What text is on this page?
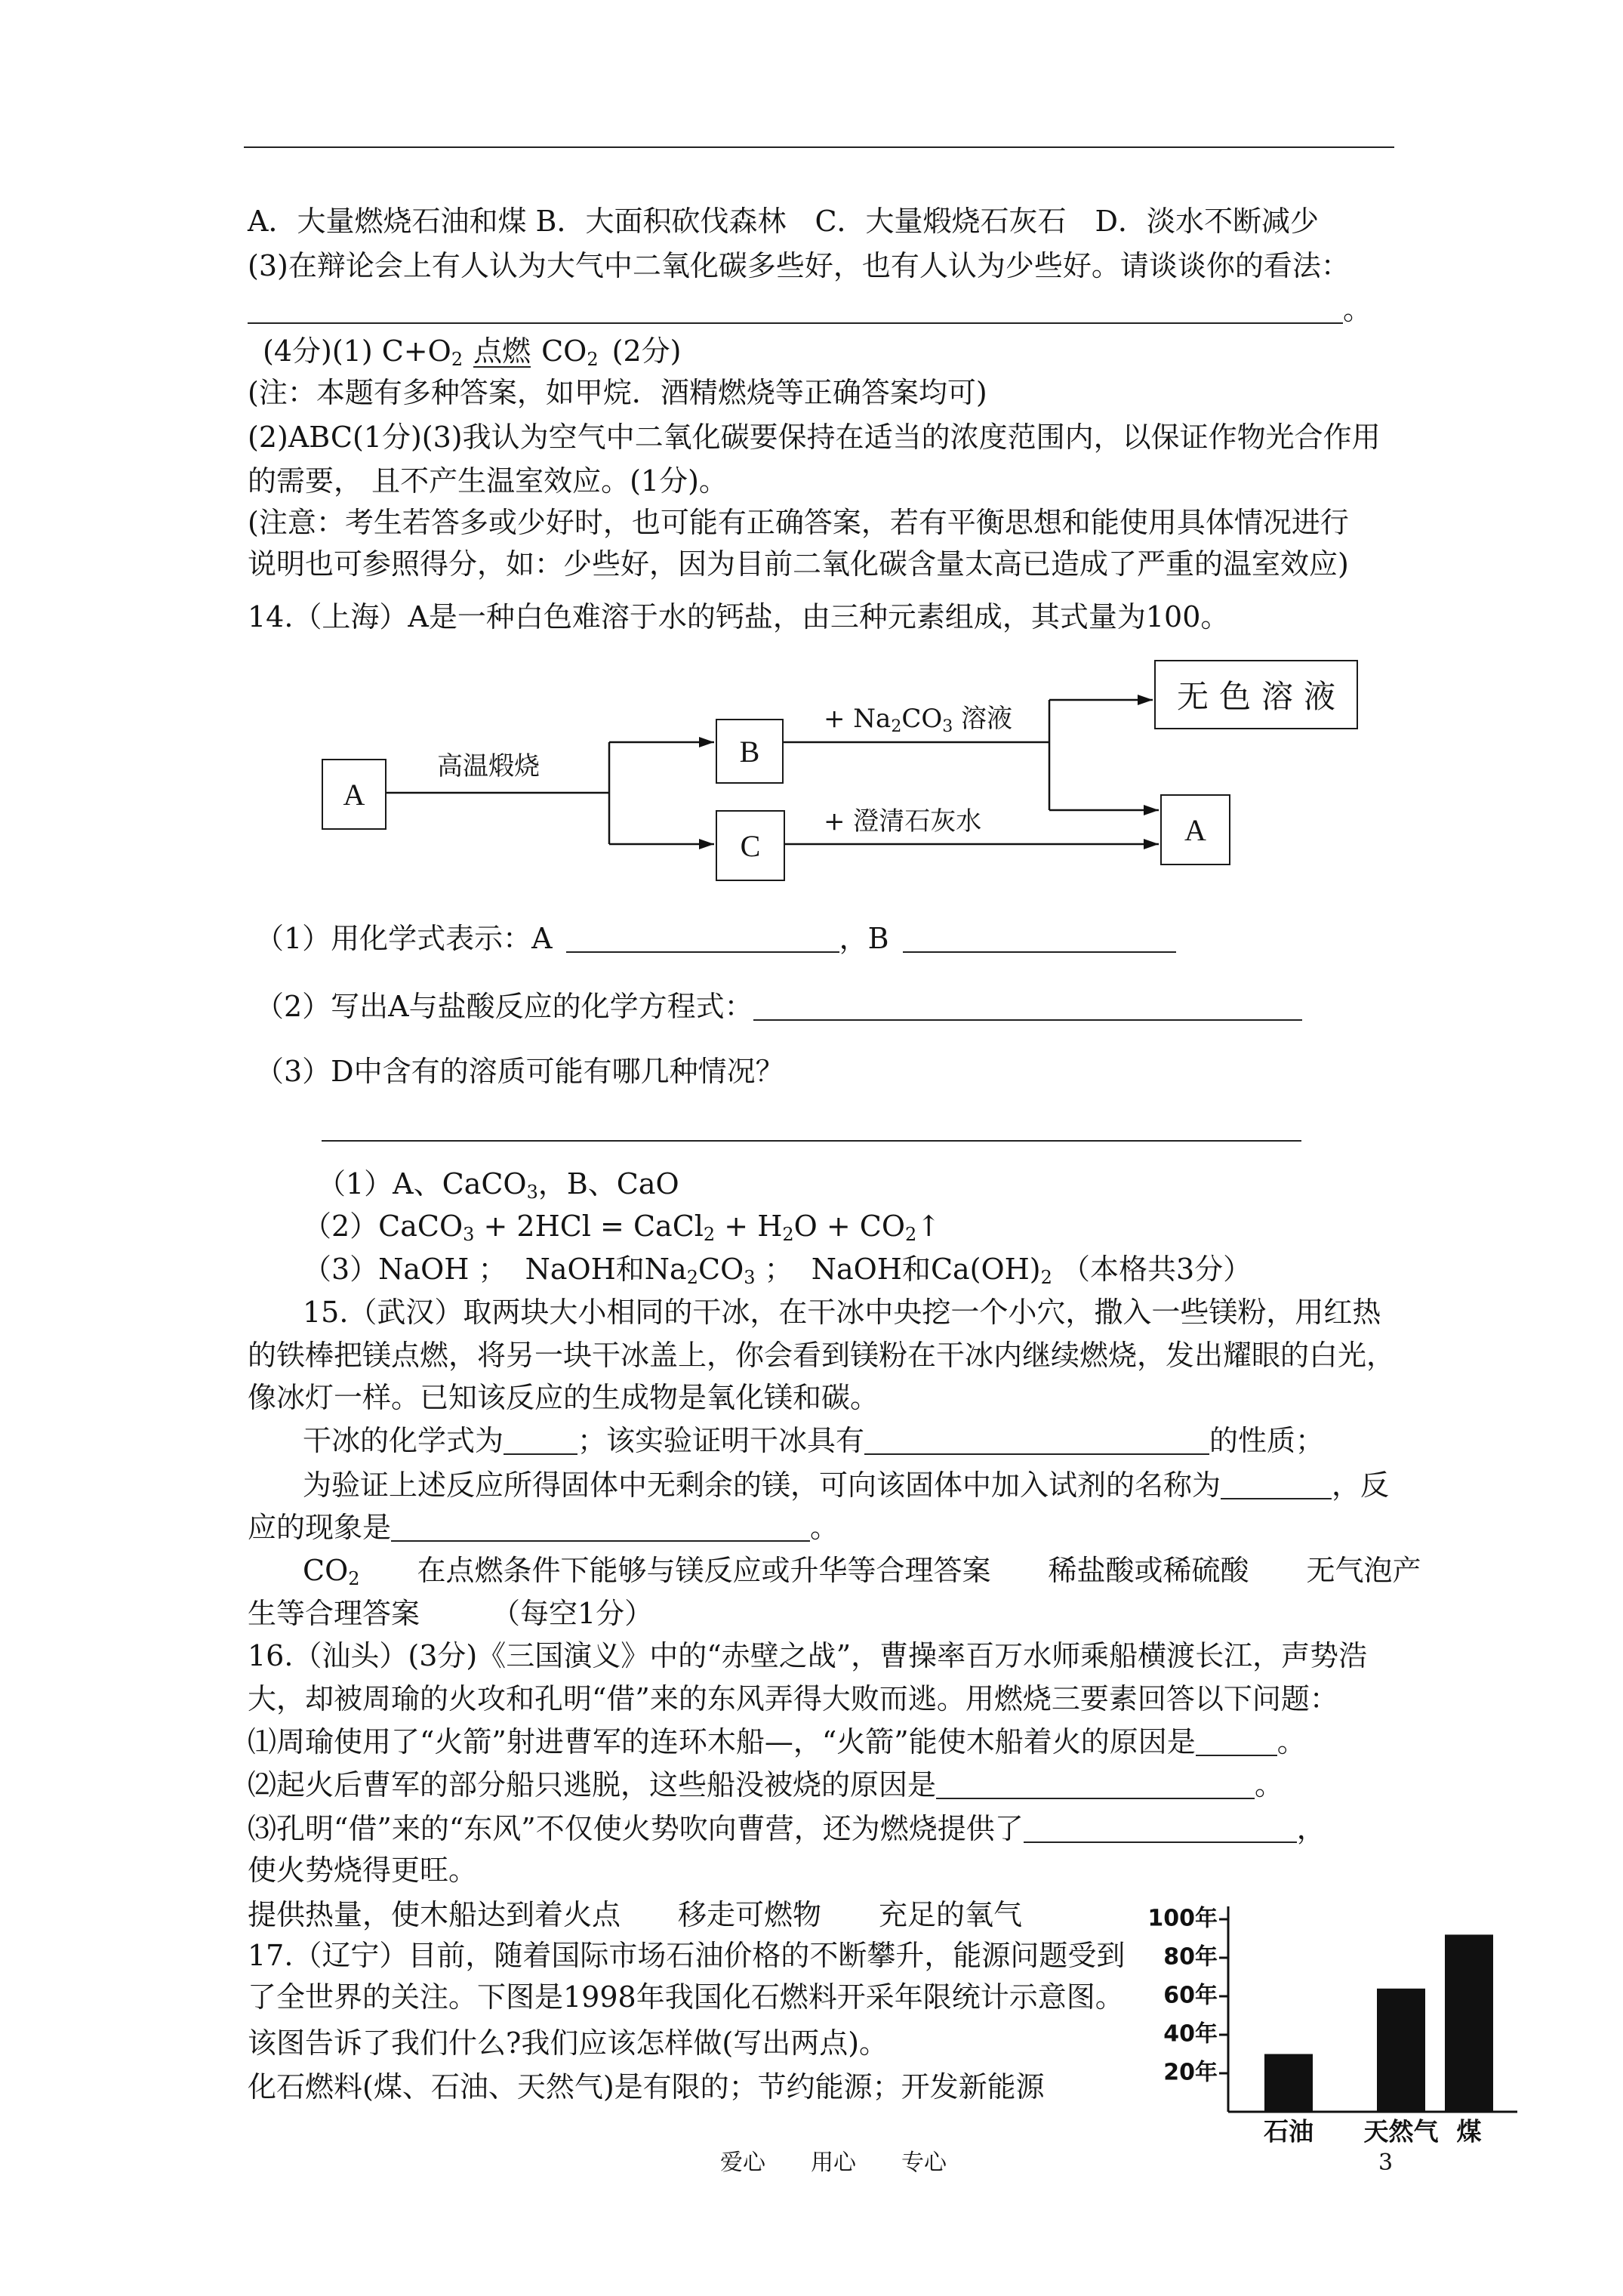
A．大量燃烧石油和煤 B．大面积砍伐森林　C．大量煅烧石灰石　D．淡水不断减少
(3)在辩论会上有人认为大气中二氧化碳多些好，也有人认为少些好。请谈谈你的看法：
。
(4分)(1) $C+O_2$ 点燃 $CO_2$ (2分)
(注：本题有多种答案，如甲烷．酒精燃烧等正确答案均可)
(2)ABC(1分)(3)我认为空气中二氧化碳要保持在适当的浓度范围内，以保证作物光合作用
的需要， 且不产生温室效应。(1分)。
(注意：考生若答多或少好时，也可能有正确答案，若有平衡思想和能使用具体情况进行
说明也可参照得分，如：少些好，因为目前二氧化碳含量太高已造成了严重的温室效应)
14.（上海）A是一种白色难溶于水的钙盐，由三种元素组成，其式量为100。
A
B
C
无色溶液
A
高温煅烧
+ $Na_2CO_3$ 溶液
+ 澄清石灰水
（1）用化学式表示：A	，B
（2）写出A与盐酸反应的化学方程式：
（3）D中含有的溶质可能有哪几种情况？
（1）A、CaCO$_3$，B、CaO
（2）CaCO$_3$ + 2HCl = CaCl$_2$ + $H_2O$ + $CO_2↑$
（3）NaOH ；  NaOH和$Na_2CO_3$ ；  NaOH和$Ca(OH)_2$ （本格共3分）
15.（武汉）取两块大小相同的干冰，在干冰中央挖一个小穴，撒入一些镁粉，用红热
的铁棒把镁点燃，将另一块干冰盖上，你会看到镁粉在干冰内继续燃烧，发出耀眼的白光，
像冰灯一样。已知该反应的生成物是氧化镁和碳。
干冰的化学式为	；该实验证明干冰具有	的性质；
为验证上述反应所得固体中无剩余的镁，可向该固体中加入试剂的名称为	，反
应的现象是	。
$CO_2$　　在点燃条件下能够与镁反应或升华等合理答案　　稀盐酸或稀硫酸　　无气泡产
生等合理答案　　　（每空1分）
16.（汕头）(3分)《三国演义》中的“赤壁之战”，曹操率百万水师乘船横渡长江，声势浩
大，却被周瑜的火攻和孔明“借”来的东风弄得大败而逃。用燃烧三要素回答以下问题：
⑴周瑜使用了“火箭”射进曹军的连环木船—，“火箭”能使木船着火的原因是	。
⑵起火后曹军的部分船只逃脱，这些船没被烧的原因是	。
⑶孔明“借”来的“东风”不仅使火势吹向曹营，还为燃烧提供了	，
使火势烧得更旺。
提供热量，使木船达到着火点　　移走可燃物　　充足的氧气
17.（辽宁）目前，随着国际市场石油价格的不断攀升，能源问题受到
了全世界的关注。下图是1998年我国化石燃料开采年限统计示意图。
该图告诉了我们什么?我们应该怎样做(写出两点)。
化石燃料(煤、石油、天然气)是有限的；节约能源；开发新能源	20年
40年
60年
80年
100年
石油 天然气 煤
爱心　　用心　　专心	3
